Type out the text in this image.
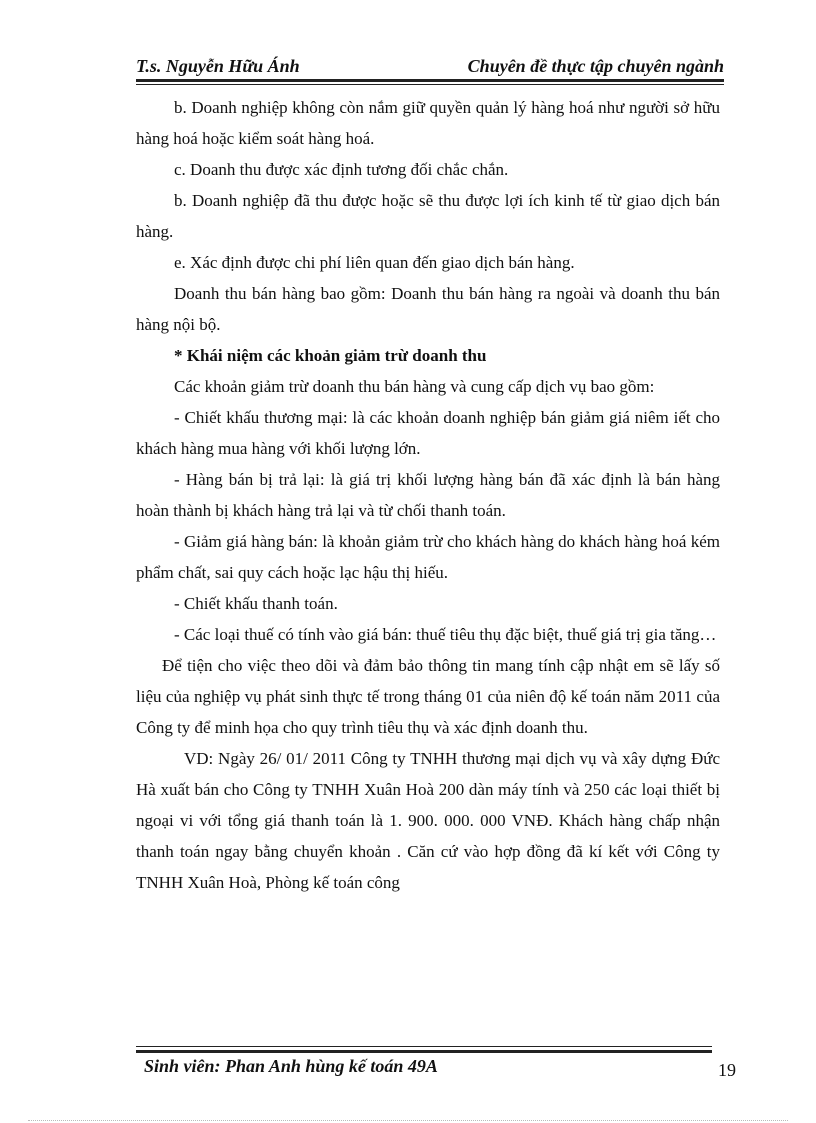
T.s. Nguyễn Hữu Ánh	Chuyên đề thực tập chuyên ngành

b. Doanh nghiệp không còn nắm giữ quyền quản lý hàng hoá như người sở hữu hàng hoá hoặc kiểm soát hàng hoá.

c. Doanh thu được xác định tương đối chắc chắn.

b. Doanh nghiệp đã thu được hoặc sẽ thu được lợi ích kinh tế từ giao dịch bán hàng.

e. Xác định được chi phí liên quan đến giao dịch bán hàng.

Doanh thu bán hàng bao gồm: Doanh thu bán hàng ra ngoài và doanh thu bán hàng nội bộ.

* Khái niệm các khoản giảm trừ doanh thu

Các khoản giảm trừ doanh thu bán hàng và cung cấp dịch vụ bao gồm:

- Chiết khấu thương mại: là các khoản doanh nghiệp bán giảm giá niêm iết cho khách hàng mua hàng với khối lượng lớn.

- Hàng bán bị trả lại: là giá trị khối lượng hàng bán đã xác định là bán hàng hoàn thành bị khách hàng trả lại và từ chối thanh toán.

- Giảm giá hàng bán: là khoản giảm trừ cho khách hàng do khách hàng hoá kém phẩm chất, sai quy cách hoặc lạc hậu thị hiếu.

- Chiết khấu thanh toán.

- Các loại thuế có tính vào giá bán: thuế tiêu thụ đặc biệt, thuế giá trị gia tăng…

Để tiện cho việc theo dõi và đảm bảo thông tin mang tính cập nhật em sẽ lấy số liệu của nghiệp vụ phát sinh thực tế trong tháng 01 của niên độ kế toán năm 2011 của Công ty để minh họa cho quy trình tiêu thụ và xác định doanh thu.

VD: Ngày 26/ 01/ 2011 Công ty TNHH thương mại dịch vụ và xây dựng Đức Hà xuất bán cho Công ty TNHH Xuân Hoà 200 dàn máy tính và 250 các loại thiết bị ngoại vi với tổng giá thanh toán là 1. 900. 000. 000 VNĐ. Khách hàng chấp nhận thanh toán ngay bằng chuyển khoản . Căn cứ vào hợp đồng đã kí kết với Công ty TNHH Xuân Hoà, Phòng kế toán công

Sinh viên: Phan Anh hùng kế toán 49A	19
